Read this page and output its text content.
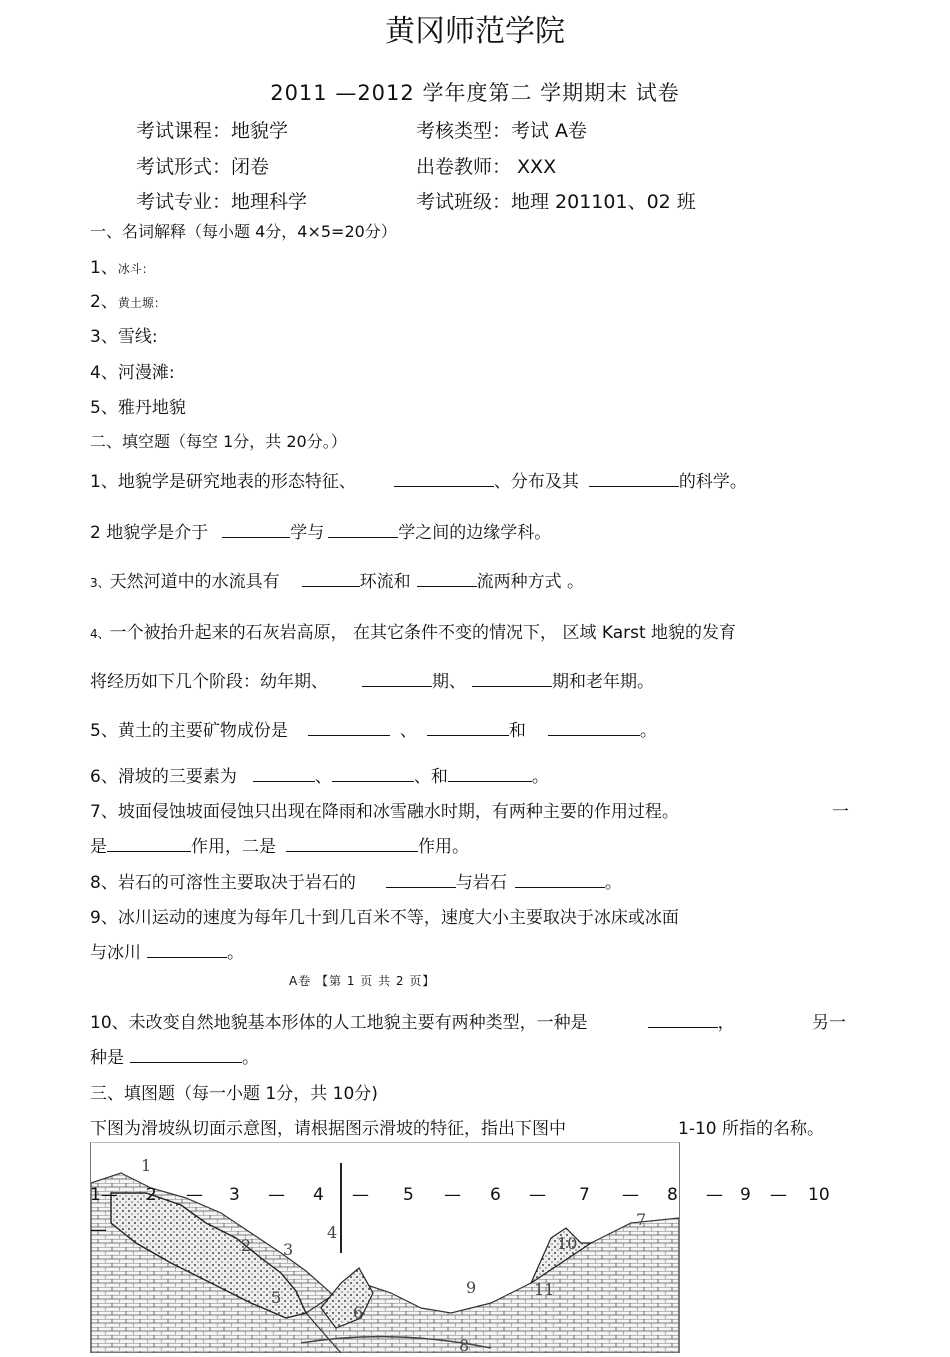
黄冈师范学院
2011 —2012 学年度第二 学期期末 试卷
考试课程：地貌学	考核类型：考试 A卷
考试形式：闭卷	出卷教师： XXX
考试专业：地理科学	考试班级：地理 201101、02 班
一、名词解释（每小题 4分，4×5=20分）
1、冰斗：
2、黄土塬：
3、雪线:
4、河漫滩:
5、雅丹地貌
二、填空题（每空 1分，共 20分。）
1、地貌学是研究地表的形态特征、	、分布及其	的科学。
2 地貌学是介于	学与	学之间的边缘学科。
3、天然河道中的水流具有	环流和	流两种方式 。
4、一个被抬升起来的石灰岩高原， 在其它条件不变的情况下， 区域 Karst 地貌的发育
将经历如下几个阶段：幼年期、	期、	期和老年期。
5、黄土的主要矿物成份是	、	和	。
6、滑坡的三要素为	、	、和	。
7、坡面侵蚀坡面侵蚀只出现在降雨和冰雪融水时期，有两种主要的作用过程。	一
是	作用，二是	作用。
8、岩石的可溶性主要取决于岩石的	与岩石	。
9、冰川运动的速度为每年几十到几百米不等，速度大小主要取决于冰床或冰面
与冰川	。
A卷 【第 1 页 共 2 页】
10、未改变自然地貌基本形体的人工地貌主要有两种类型，一种是	，	另一
种是	。
三、填图题（每一小题 1分，共 10分)
下图为滑坡纵切面示意图，请根据图示滑坡的特征，指出下图中	1-10 所指的名称。
1
2 3
4
5
6
7
8
9
10
11
1— 2 — 3 — 4 — 5 — 6 — 7 — 8 — 9 — 10
—
